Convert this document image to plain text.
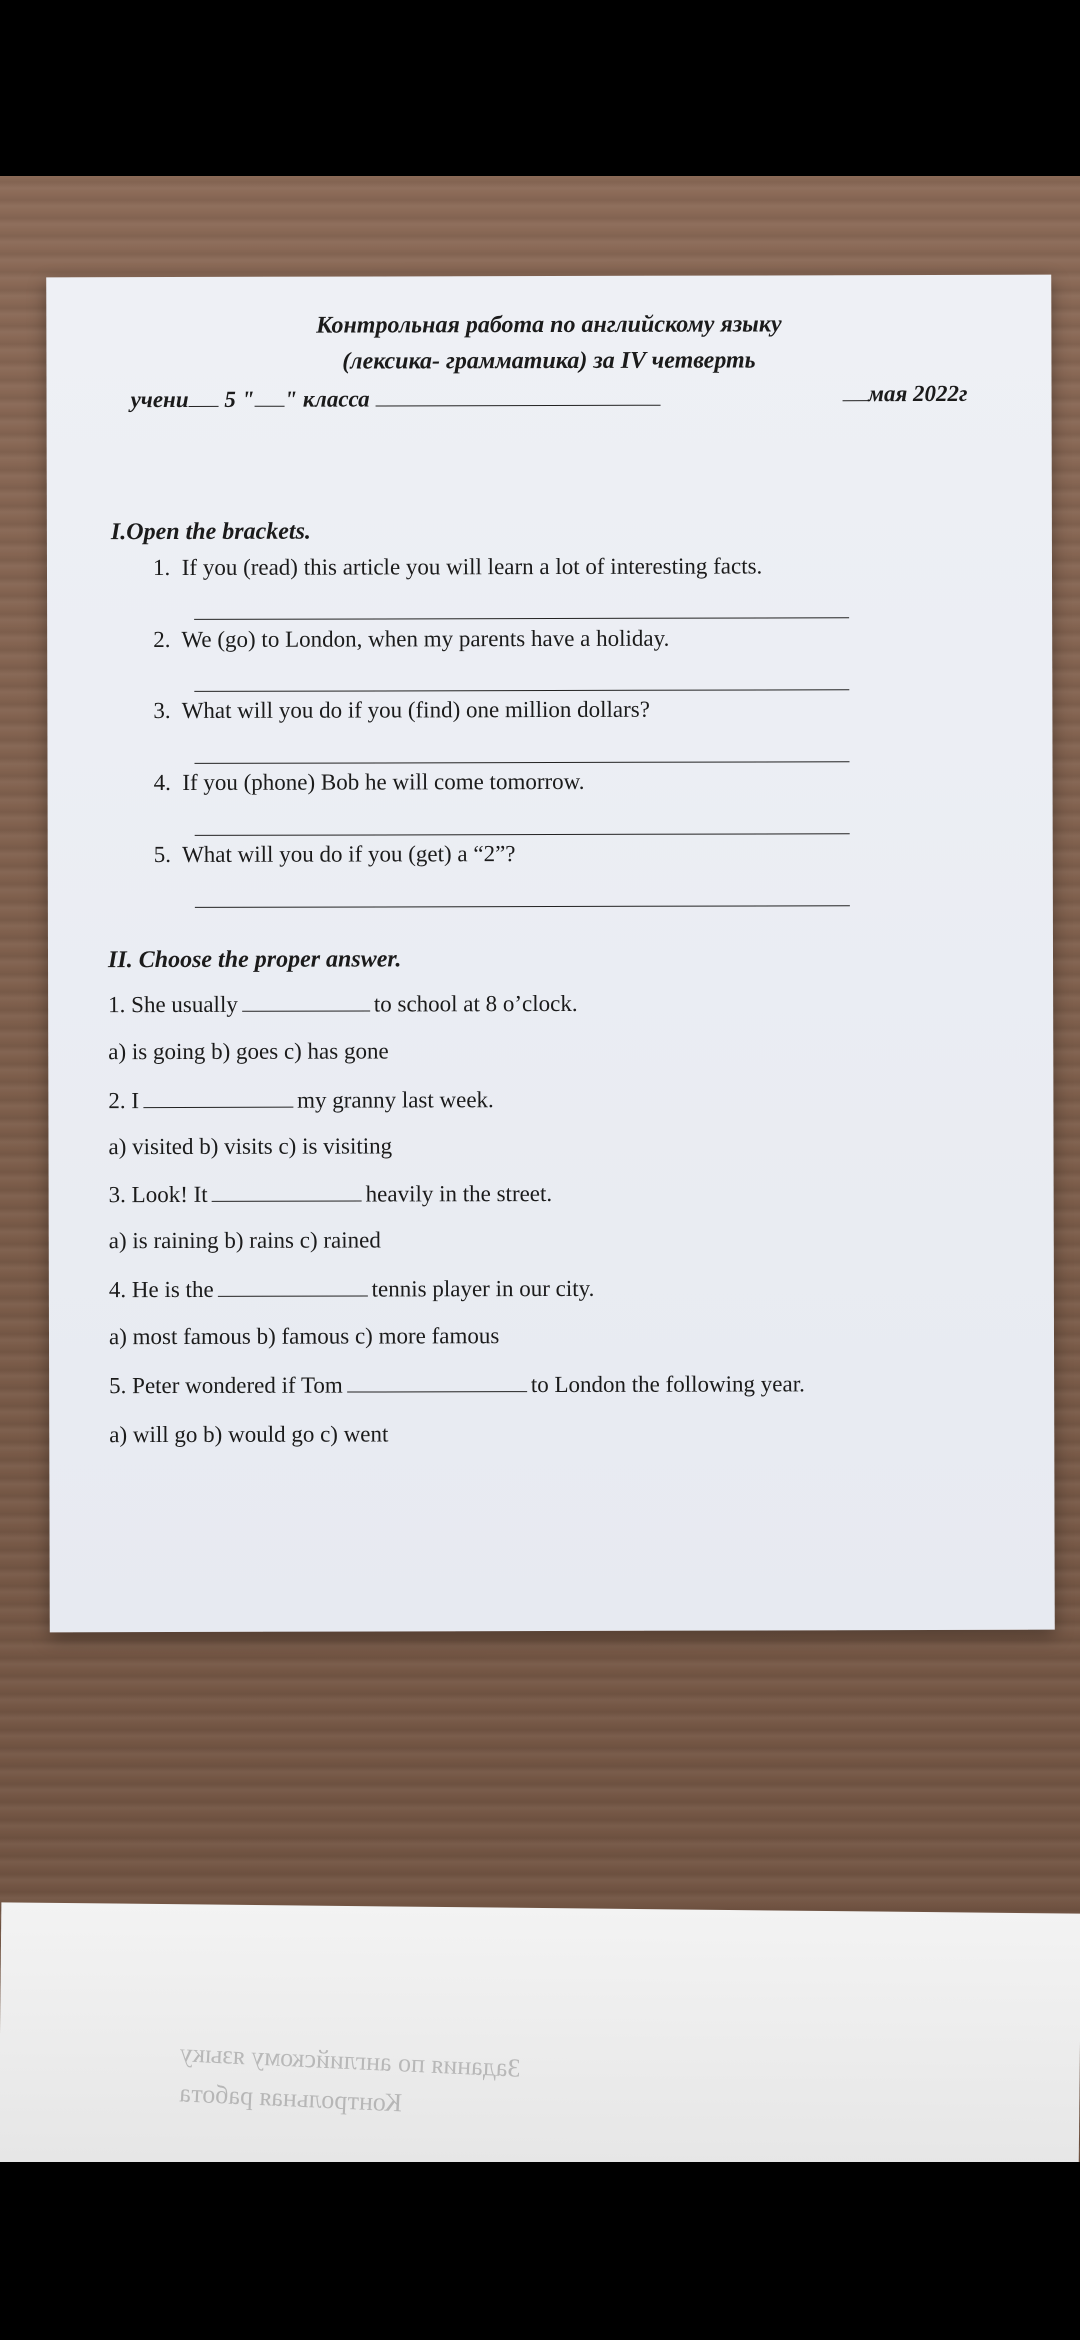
Контрольная работа по английскому языку
(лексика- грамматика) за IV четверть
учени 5 " " класса	мая 2022г
I.Open the brackets.
1. If you (read) this article you will learn a lot of interesting facts.
2. We (go) to London, when my parents have a holiday.
3. What will you do if you (find) one million dollars?
4. If you (phone) Bob he will come tomorrow.
5. What will you do if you (get) a “2”?
II. Choose the proper answer.
1. She usually	to school at 8 o’clock.
a) is going b) goes c) has gone
2. I	my granny last week.
a) visited b) visits c) is visiting
3. Look! It	heavily in the street.
a) is raining b) rains c) rained
4. He is the	tennis player in our city.
a) most famous b) famous c) more famous
5. Peter wondered if Tom	to London the following year.
a) will go b) would go c) went
Задания по английскому языку
Контрольная работа
